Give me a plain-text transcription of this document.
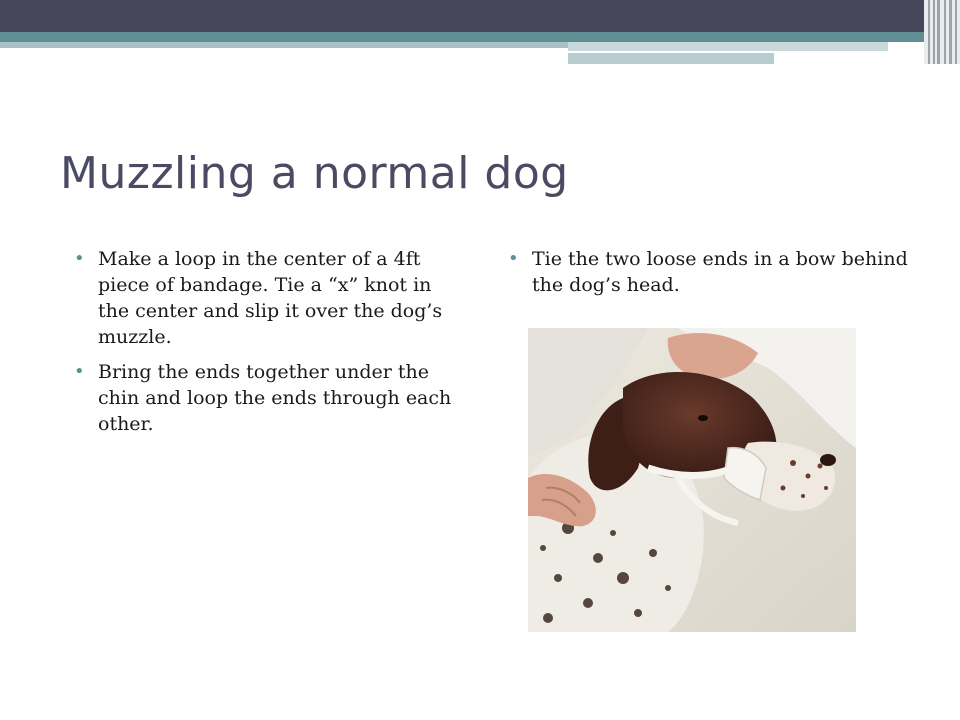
Muzzling a normal dog
• Make a loop in the center of a 4ft piece of bandage. Tie a “x” knot in the center and slip it over the dog’s muzzle.
• Bring the ends together under the chin and loop the ends through each other.
• Tie the two loose ends in a bow behind the dog’s head.
